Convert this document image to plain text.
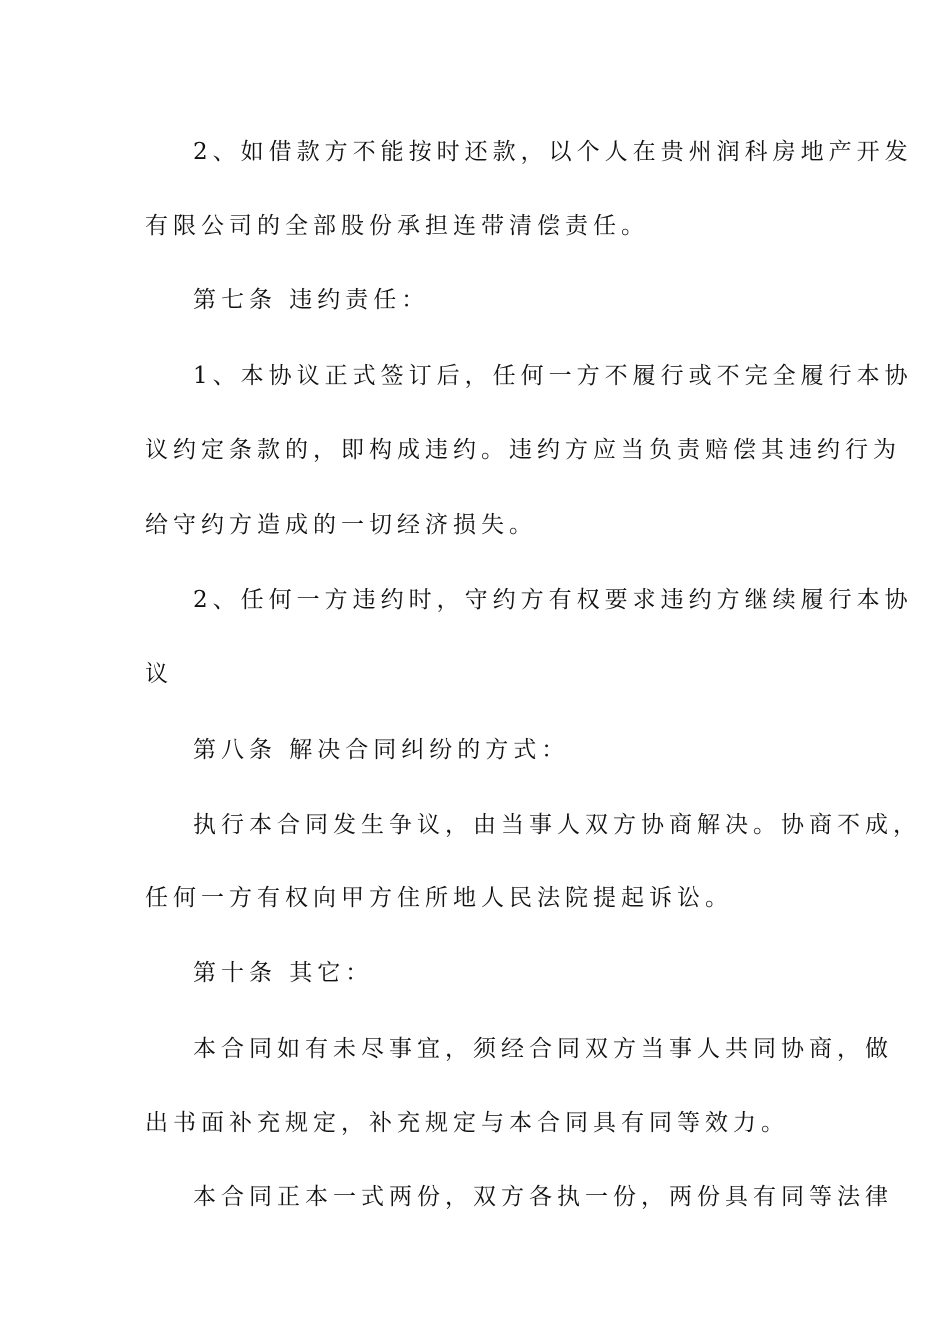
2、如借款方不能按时还款，以个人在贵州润科房地产开发
有限公司的全部股份承担连带清偿责任。
第七条 违约责任：
1、本协议正式签订后，任何一方不履行或不完全履行本协
议约定条款的，即构成违约。违约方应当负责赔偿其违约行为
给守约方造成的一切经济损失。
2、任何一方违约时，守约方有权要求违约方继续履行本协
议
第八条 解决合同纠纷的方式：
执行本合同发生争议，由当事人双方协商解决。协商不成，
任何一方有权向甲方住所地人民法院提起诉讼。
第十条 其它：
本合同如有未尽事宜，须经合同双方当事人共同协商，做
出书面补充规定，补充规定与本合同具有同等效力。
本合同正本一式两份，双方各执一份，两份具有同等法律
